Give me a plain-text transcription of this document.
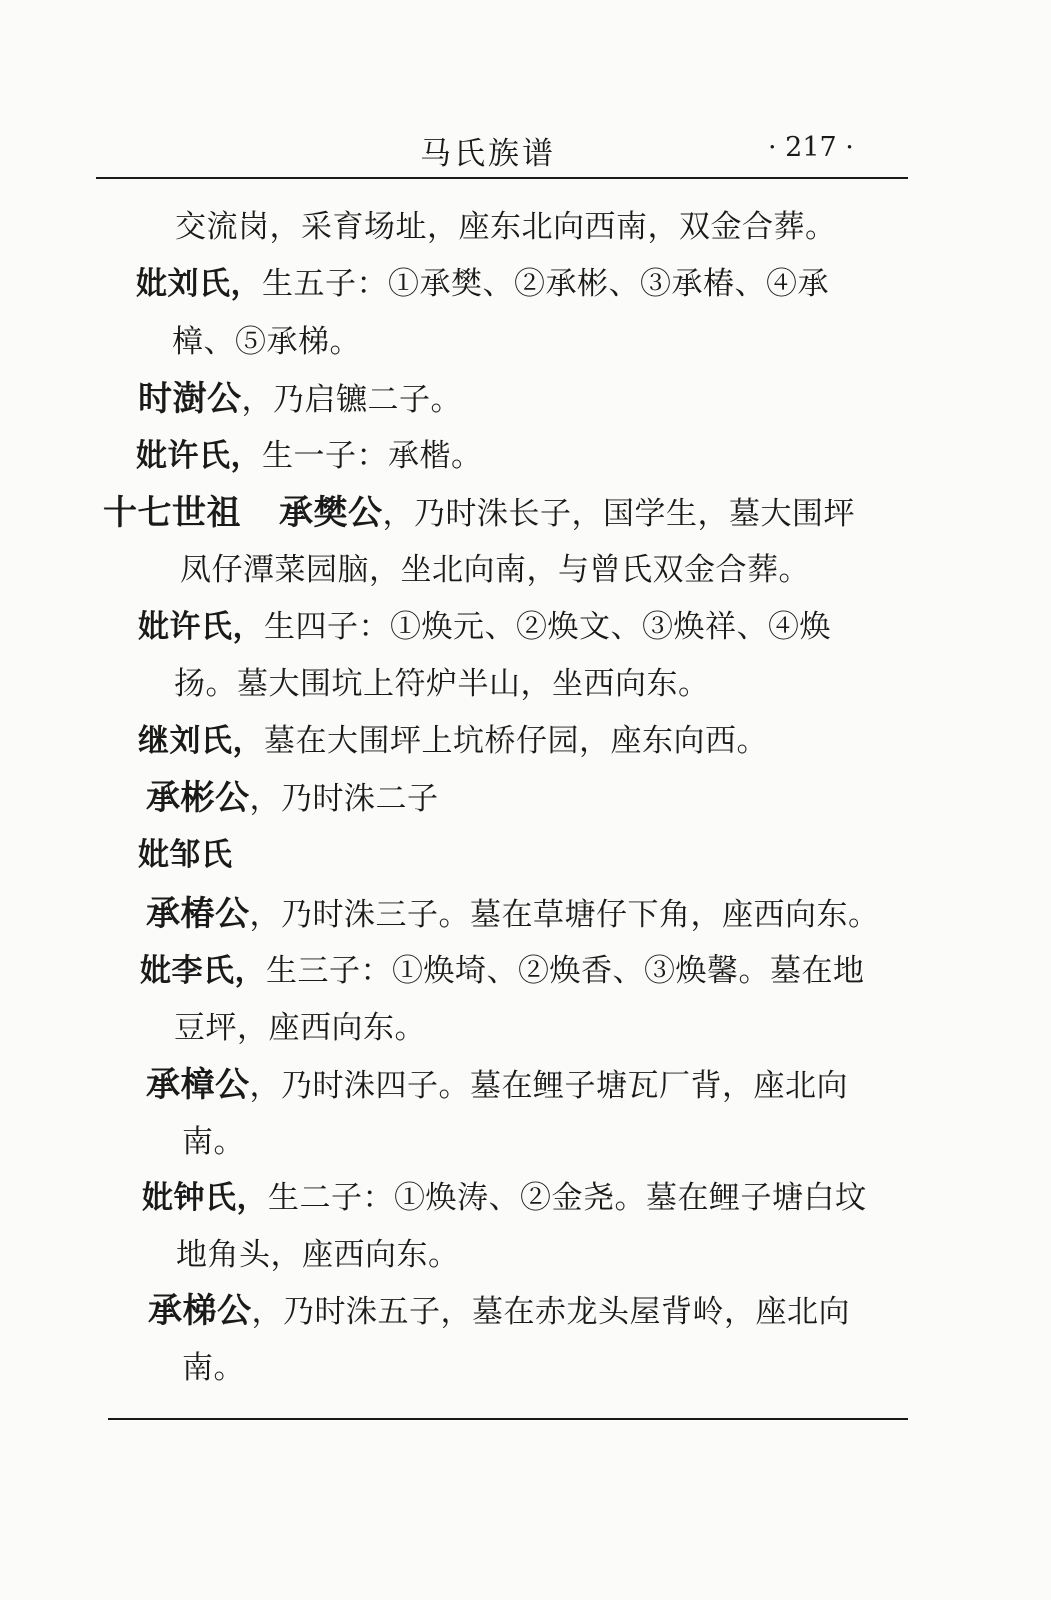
马氏族谱	· 217 ·
交流岗，采育场址，座东北向西南，双金合葬。
妣刘氏，生五子：①承樊、②承彬、③承椿、④承
樟、⑤承梯。
时澍公，乃启镳二子。
妣许氏，生一子：承楷。
十七世祖 承樊公，乃时洙长子，国学生，墓大围坪
凤仔潭菜园脑，坐北向南，与曾氏双金合葬。
妣许氏，生四子：①焕元、②焕文、③焕祥、④焕
扬。墓大围坑上符炉半山，坐西向东。
继刘氏，墓在大围坪上坑桥仔园，座东向西。
承彬公，乃时洙二子
妣邹氏
承椿公，乃时洙三子。墓在草塘仔下角，座西向东。
妣李氏，生三子：①焕埼、②焕香、③焕馨。墓在地
豆坪，座西向东。
承樟公，乃时洙四子。墓在鲤子塘瓦厂背，座北向
南。
妣钟氏，生二子：①焕涛、②金尧。墓在鲤子塘白坟
地角头，座西向东。
承梯公，乃时洙五子，墓在赤龙头屋背岭，座北向
南。
